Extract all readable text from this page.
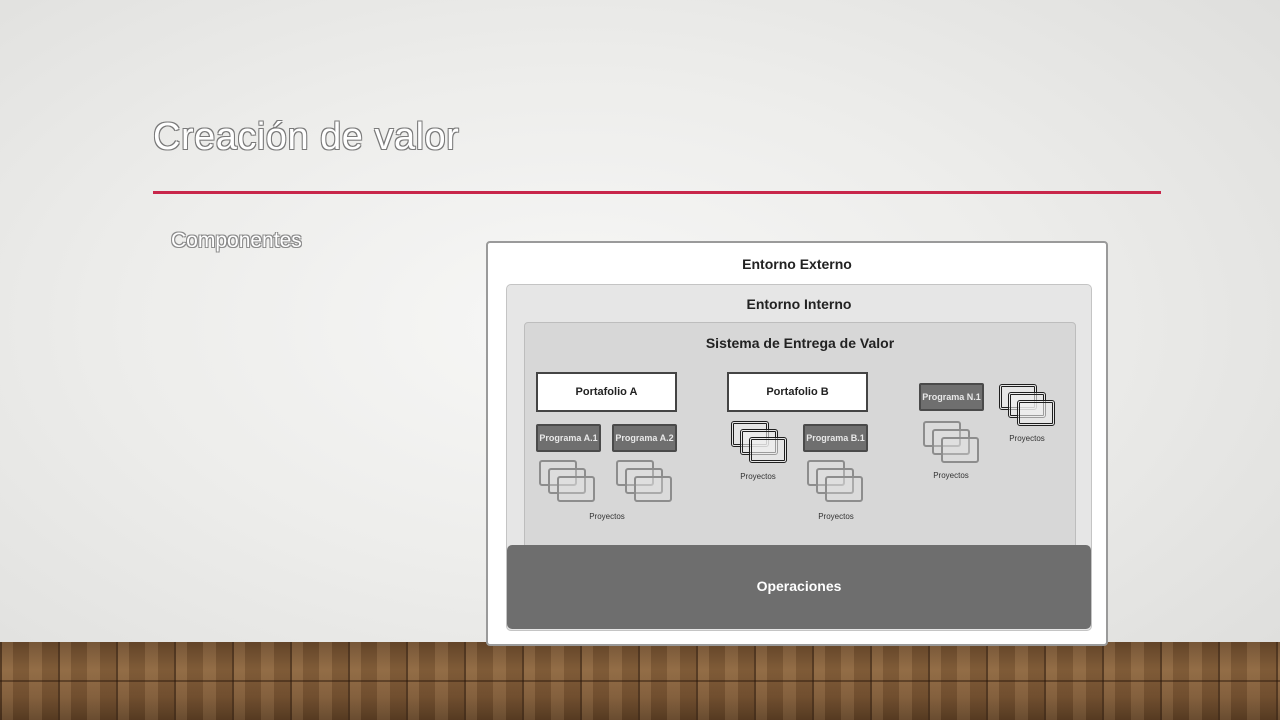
Creación de valor
Componentes
Entorno Externo
Entorno Interno
Sistema de Entrega de Valor
Portafolio A
Programa A.1	Programa A.2
Proyectos
Portafolio B
Proyectos
Programa B.1
Proyectos
Programa N.1
Proyectos
Proyectos
Operaciones
